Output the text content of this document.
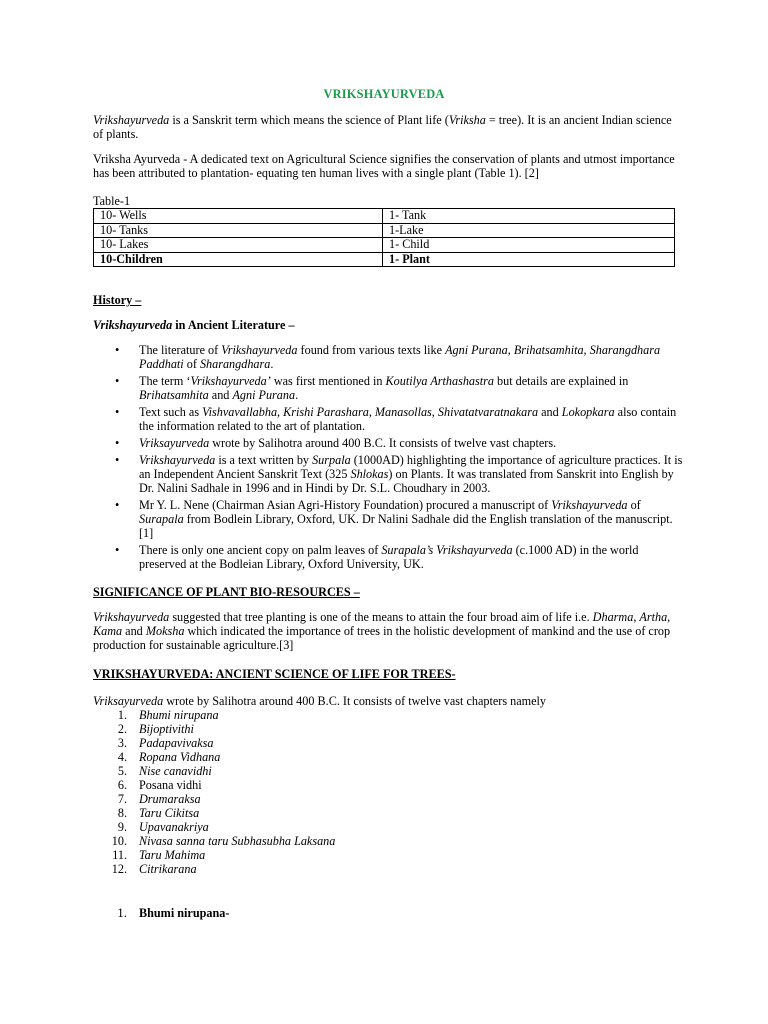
VRIKSHAYURVEDA

Vrikshayurveda is a Sanskrit term which means the science of Plant life (Vriksha = tree). It is an ancient Indian science of plants.

Vriksha Ayurveda - A dedicated text on Agricultural Science signifies the conservation of plants and utmost importance has been attributed to plantation- equating ten human lives with a single plant (Table 1). [2]

Table-1
10- Wells	1- Tank
10- Tanks	1-Lake
10- Lakes	1- Child
10-Children	1- Plant
History –
Vrikshayurveda in Ancient Literature –
• The literature of Vrikshayurveda found from various texts like Agni Purana, Brihatsamhita, Sharangdhara Paddhati of Sharangdhara.
• The term ‘Vrikshayurveda’ was first mentioned in Koutilya Arthashastra but details are explained in Brihatsamhita and Agni Purana.
• Text such as Vishvavallabha, Krishi Parashara, Manasollas, Shivatatvaratnakara and Lokopkara also contain the information related to the art of plantation.
• Vriksayurveda wrote by Salihotra around 400 B.C. It consists of twelve vast chapters.
• Vrikshayurveda is a text written by Surpala (1000AD) highlighting the importance of agriculture practices. It is an Independent Ancient Sanskrit Text (325 Shlokas) on Plants. It was translated from Sanskrit into English by Dr. Nalini Sadhale in 1996 and in Hindi by Dr. S.L. Choudhary in 2003.
• Mr Y. L. Nene (Chairman Asian Agri-History Foundation) procured a manuscript of Vrikshayurveda of Surapala from Bodlein Library, Oxford, UK. Dr Nalini Sadhale did the English translation of the manuscript. [1]
• There is only one ancient copy on palm leaves of Surapala’s Vrikshayurveda (c.1000 AD) in the world preserved at the Bodleian Library, Oxford University, UK.
SIGNIFICANCE OF PLANT BIO-RESOURCES –

Vrikshayurveda suggested that tree planting is one of the means to attain the four broad aim of life i.e. Dharma, Artha, Kama and Moksha which indicated the importance of trees in the holistic development of mankind and the use of crop production for sustainable agriculture.[3]

VRIKSHAYURVEDA: ANCIENT SCIENCE OF LIFE FOR TREES-

Vriksayurveda wrote by Salihotra around 400 B.C. It consists of twelve vast chapters namely

1. Bhumi nirupana
2. Bijoptivithi
3. Padapavivaksa
4. Ropana Vidhana
5. Nise canavidhi
6. Posana vidhi
7. Drumaraksa
8. Taru Cikitsa
9. Upavanakriya
10. Nivasa sanna taru Subhasubha Laksana
11. Taru Mahima
12. Citrikarana
1. Bhumi nirupana-
